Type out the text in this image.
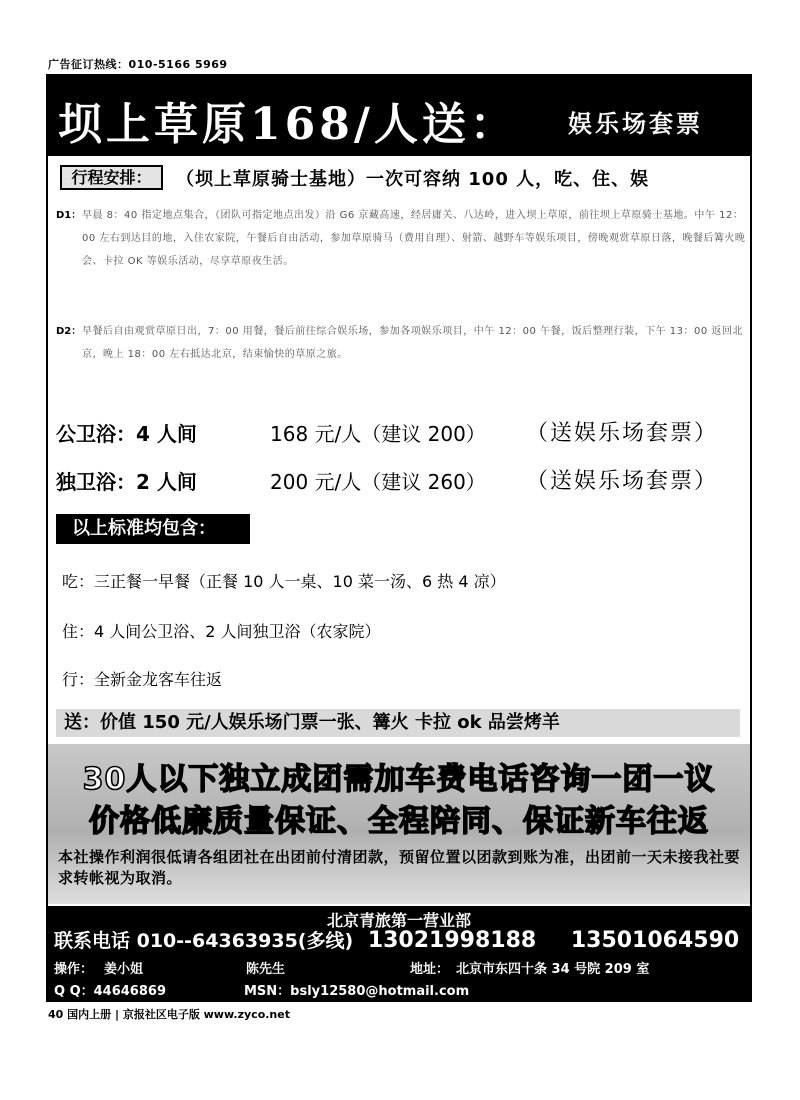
广告征订热线：010-5166 5969
坝上草原168/人送： 娱乐场套票
行程安排：	（坝上草原骑士基地）一次可容纳 100 人，吃、住、娱
D1： 早晨 8：40 指定地点集合，（团队可指定地点出发）沿 G6 京藏高速，经居庸关、八达岭，进入坝上草原，前往坝上草原骑士基地。中午 12：00 左右到达目的地，入住农家院，午餐后自由活动，参加草原骑马（费用自理）、射箭、越野车等娱乐项目，傍晚观赏草原日落，晚餐后篝火晚会、卡拉 OK 等娱乐活动，尽享草原夜生活。
D2： 早餐后自由观赏草原日出，7：00 用餐，餐后前往综合娱乐场，参加各项娱乐项目，中午 12：00 午餐，饭后整理行装，下午 13：00 返回北京，晚上 18：00 左右抵达北京，结束愉快的草原之旅。
公卫浴：4 人间	168 元/人（建议 200） （送娱乐场套票）
独卫浴：2 人间	200 元/人（建议 260） （送娱乐场套票）
以上标准均包含：
吃：三正餐一早餐（正餐 10 人一桌、10 菜一汤、6 热 4 凉）
住：4 人间公卫浴、2 人间独卫浴（农家院）
行：全新金龙客车往返
送：价值 150 元/人娱乐场门票一张、篝火 卡拉 ok 品尝烤羊
30人以下独立成团需加车费电话咨询一团一议
价格低廉质量保证、全程陪同、保证新车往返
本社操作利润很低请各组团社在出团前付清团款，预留位置以团款到账为准，出团前一天未接我社要求转帐视为取消。
北京青旅第一营业部
联系电话 010--64363935(多线) 13021998188 13501064590
操作： 姜小姐	陈先生	地址： 北京市东四十条 34 号院 209 室
Q Q：44646869	MSN：bsly12580@hotmail.com
40 国内上册 | 京报社区电子版 www.zyco.net
